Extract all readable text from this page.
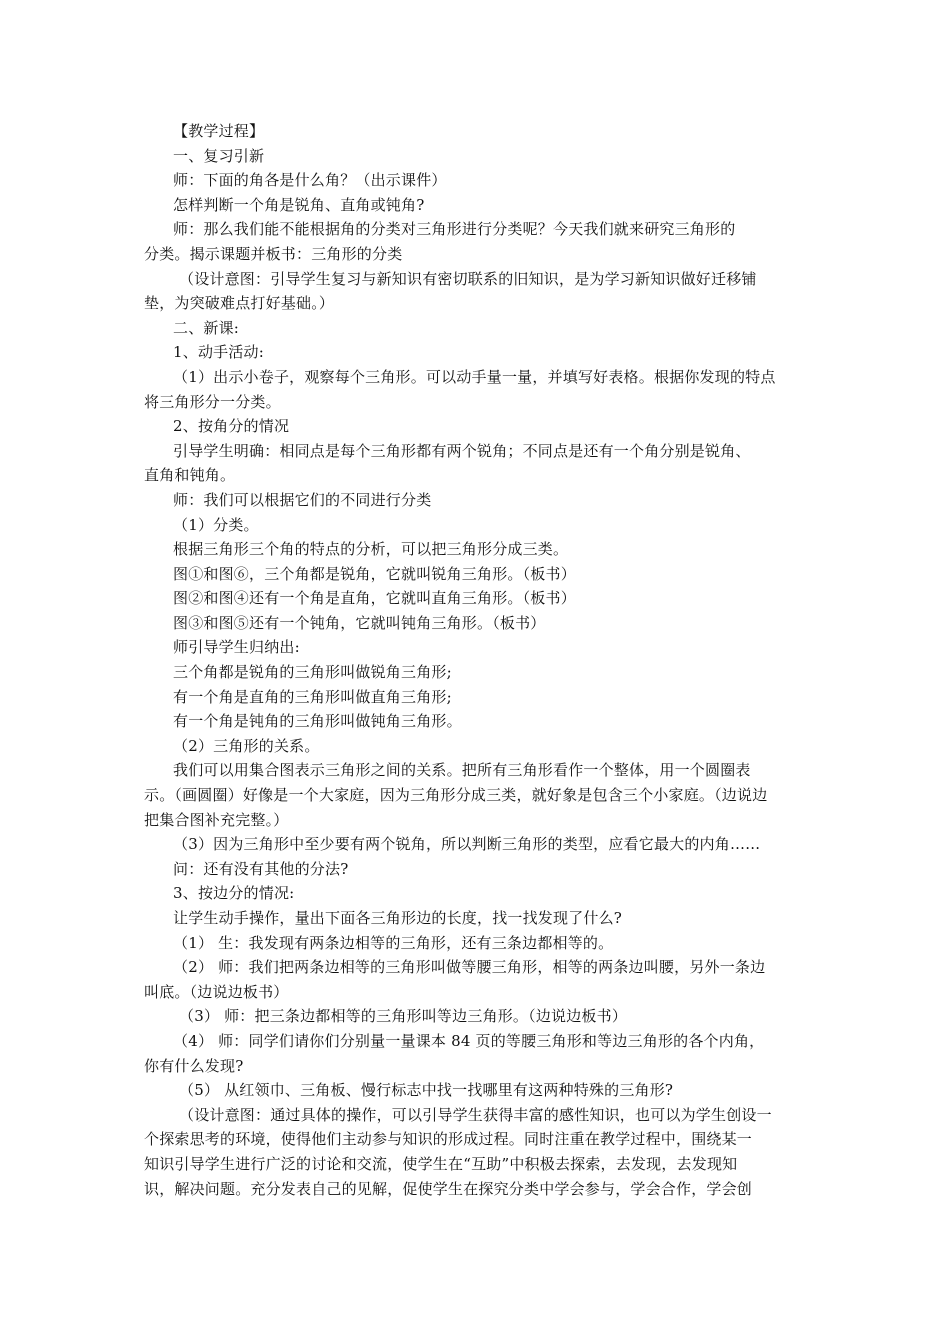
【教学过程】
一、复习引新
师：下面的角各是什么角？（出示课件）
怎样判断一个角是锐角、直角或钝角?
师：那么我们能不能根据角的分类对三角形进行分类呢？今天我们就来研究三角形的
分类。揭示课题并板书：三角形的分类
（设计意图：引导学生复习与新知识有密切联系的旧知识，是为学习新知识做好迁移铺
垫，为突破难点打好基础。）
二、新课:
1、动手活动:
（1）出示小卷子，观察每个三角形。可以动手量一量，并填写好表格。根据你发现的特点
将三角形分一分类。
2、按角分的情况
引导学生明确：相同点是每个三角形都有两个锐角；不同点是还有一个角分别是锐角、
直角和钝角。
师：我们可以根据它们的不同进行分类
（1）分类。
根据三角形三个角的特点的分析，可以把三角形分成三类。
图①和图⑥，三个角都是锐角，它就叫锐角三角形。（板书）
图②和图④还有一个角是直角，它就叫直角三角形。（板书）
图③和图⑤还有一个钝角，它就叫钝角三角形。（板书）
师引导学生归纳出:
三个角都是锐角的三角形叫做锐角三角形;
有一个角是直角的三角形叫做直角三角形;
有一个角是钝角的三角形叫做钝角三角形。
（2）三角形的关系。
我们可以用集合图表示三角形之间的关系。把所有三角形看作一个整体，用一个圆圈表
示。（画圆圈）好像是一个大家庭，因为三角形分成三类，就好象是包含三个小家庭。（边说边
把集合图补充完整。）
（3）因为三角形中至少要有两个锐角，所以判断三角形的类型，应看它最大的内角……
问：还有没有其他的分法?
3、按边分的情况:
让学生动手操作，量出下面各三角形边的长度，找一找发现了什么?
（1） 生：我发现有两条边相等的三角形，还有三条边都相等的。
（2） 师：我们把两条边相等的三角形叫做等腰三角形，相等的两条边叫腰，另外一条边
叫底。（边说边板书）
（3） 师：把三条边都相等的三角形叫等边三角形。（边说边板书）
（4） 师：同学们请你们分别量一量课本 84 页的等腰三角形和等边三角形的各个内角，
你有什么发现?
（5） 从红领巾、三角板、慢行标志中找一找哪里有这两种特殊的三角形?
（设计意图：通过具体的操作，可以引导学生获得丰富的感性知识，也可以为学生创设一
个探索思考的环境，使得他们主动参与知识的形成过程。同时注重在教学过程中，围绕某一
知识引导学生进行广泛的讨论和交流，使学生在“互助”中积极去探索，去发现，去发现知
识，解决问题。充分发表自己的见解，促使学生在探究分类中学会参与，学会合作，学会创
